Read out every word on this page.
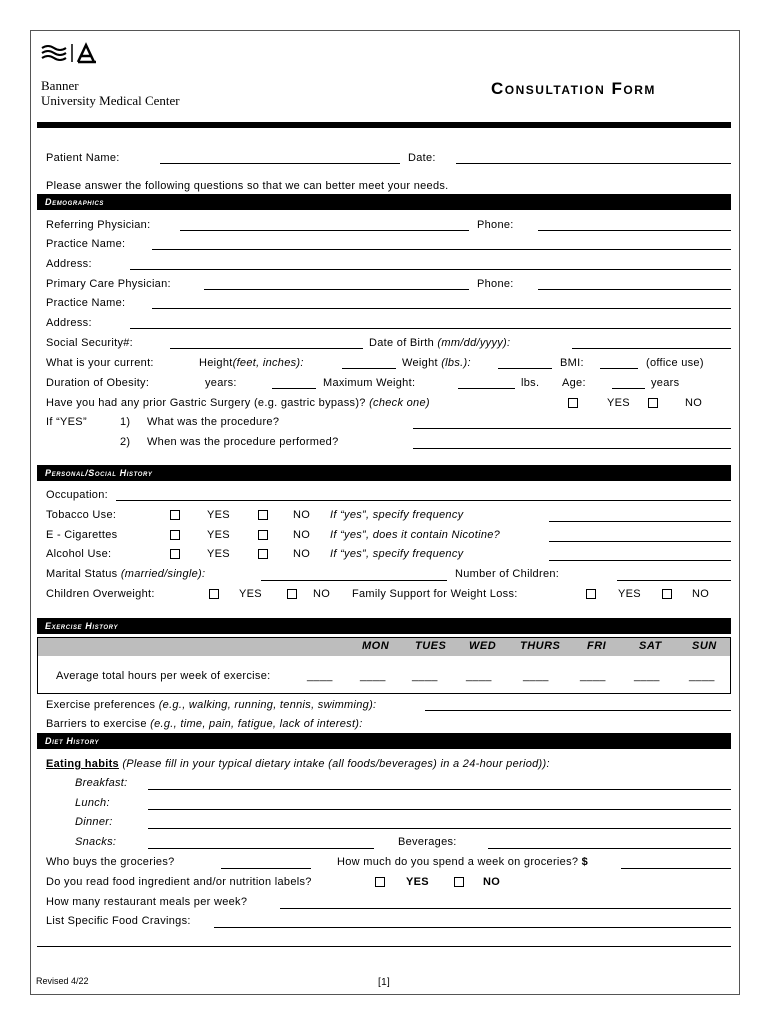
Banner
University Medical Center
Consultation Form
Patient Name:	Date:
Please answer the following questions so that we can better meet your needs.
Demographics
Referring Physician:	Phone:
Practice Name:
Address:
Primary Care Physician:	Phone:
Practice Name:
Address:
Social Security#:	Date of Birth (mm/dd/yyyy):
What is your current:	Height(feet, inches):	Weight (lbs.):	BMI:	(office use)
Duration of Obesity:	years:	Maximum Weight:	lbs. Age:	years
Have you had any prior Gastric Surgery (e.g. gastric bypass)? (check one)	YES	NO
If “YES”	1) What was the procedure?
2) When was the procedure performed?
Personal/Social History
Occupation:
Tobacco Use:	YES	NO If “yes”, specify frequency
E - Cigarettes	YES	NO If “yes”, does it contain Nicotine?
Alcohol Use:	YES	NO If “yes”, specify frequency
Marital Status (married/single):	Number of Children:
Children Overweight:	YES	NO Family Support for Weight Loss:	YES	NO
Exercise History
MON TUES WED THURS FRI	SAT	SUN
Average total hours per week of exercise:	____ ____ ____	____	____	____	____	____
Exercise preferences (e.g., walking, running, tennis, swimming):
Barriers to exercise (e.g., time, pain, fatigue, lack of interest):
Diet History
Eating habits (Please fill in your typical dietary intake (all foods/beverages) in a 24-hour period)):
Breakfast:
Lunch:
Dinner:
Snacks:	Beverages:
Who buys the groceries?	How much do you spend a week on groceries? $
Do you read food ingredient and/or nutrition labels?	YES	NO
How many restaurant meals per week?
List Specific Food Cravings:
Revised 4/22	[1]
